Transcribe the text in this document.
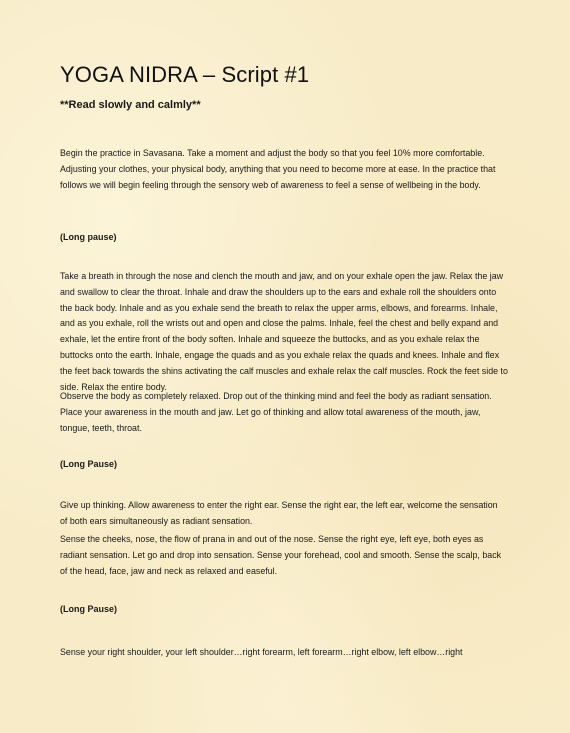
YOGA NIDRA – Script #1
**Read slowly and calmly**

Begin the practice in Savasana. Take a moment and adjust the body so that you feel 10% more comfortable. Adjusting your clothes, your physical body, anything that you need to become more at ease. In the practice that follows we will begin feeling through the sensory web of awareness to feel a sense of wellbeing in the body.

(Long pause)

Take a breath in through the nose and clench the mouth and jaw, and on your exhale open the jaw. Relax the jaw and swallow to clear the throat. Inhale and draw the shoulders up to the ears and exhale roll the shoulders onto the back body. Inhale and as you exhale send the breath to relax the upper arms, elbows, and forearms. Inhale, and as you exhale, roll the wrists out and open and close the palms. Inhale, feel the chest and belly expand and exhale, let the entire front of the body soften. Inhale and squeeze the buttocks, and as you exhale relax the buttocks onto the earth. Inhale, engage the quads and as you exhale relax the quads and knees. Inhale and flex the feet back towards the shins activating the calf muscles and exhale relax the calf muscles. Rock the feet side to side. Relax the entire body.

Observe the body as completely relaxed. Drop out of the thinking mind and feel the body as radiant sensation. Place your awareness in the mouth and jaw. Let go of thinking and allow total awareness of the mouth, jaw, tongue, teeth, throat.

(Long Pause)

Give up thinking. Allow awareness to enter the right ear. Sense the right ear, the left ear, welcome the sensation of both ears simultaneously as radiant sensation.

Sense the cheeks, nose, the flow of prana in and out of the nose. Sense the right eye, left eye, both eyes as radiant sensation. Let go and drop into sensation. Sense your forehead, cool and smooth. Sense the scalp, back of the head, face, jaw and neck as relaxed and easeful.

(Long Pause)

Sense your right shoulder, your left shoulder…right forearm, left forearm…right elbow, left elbow…right
